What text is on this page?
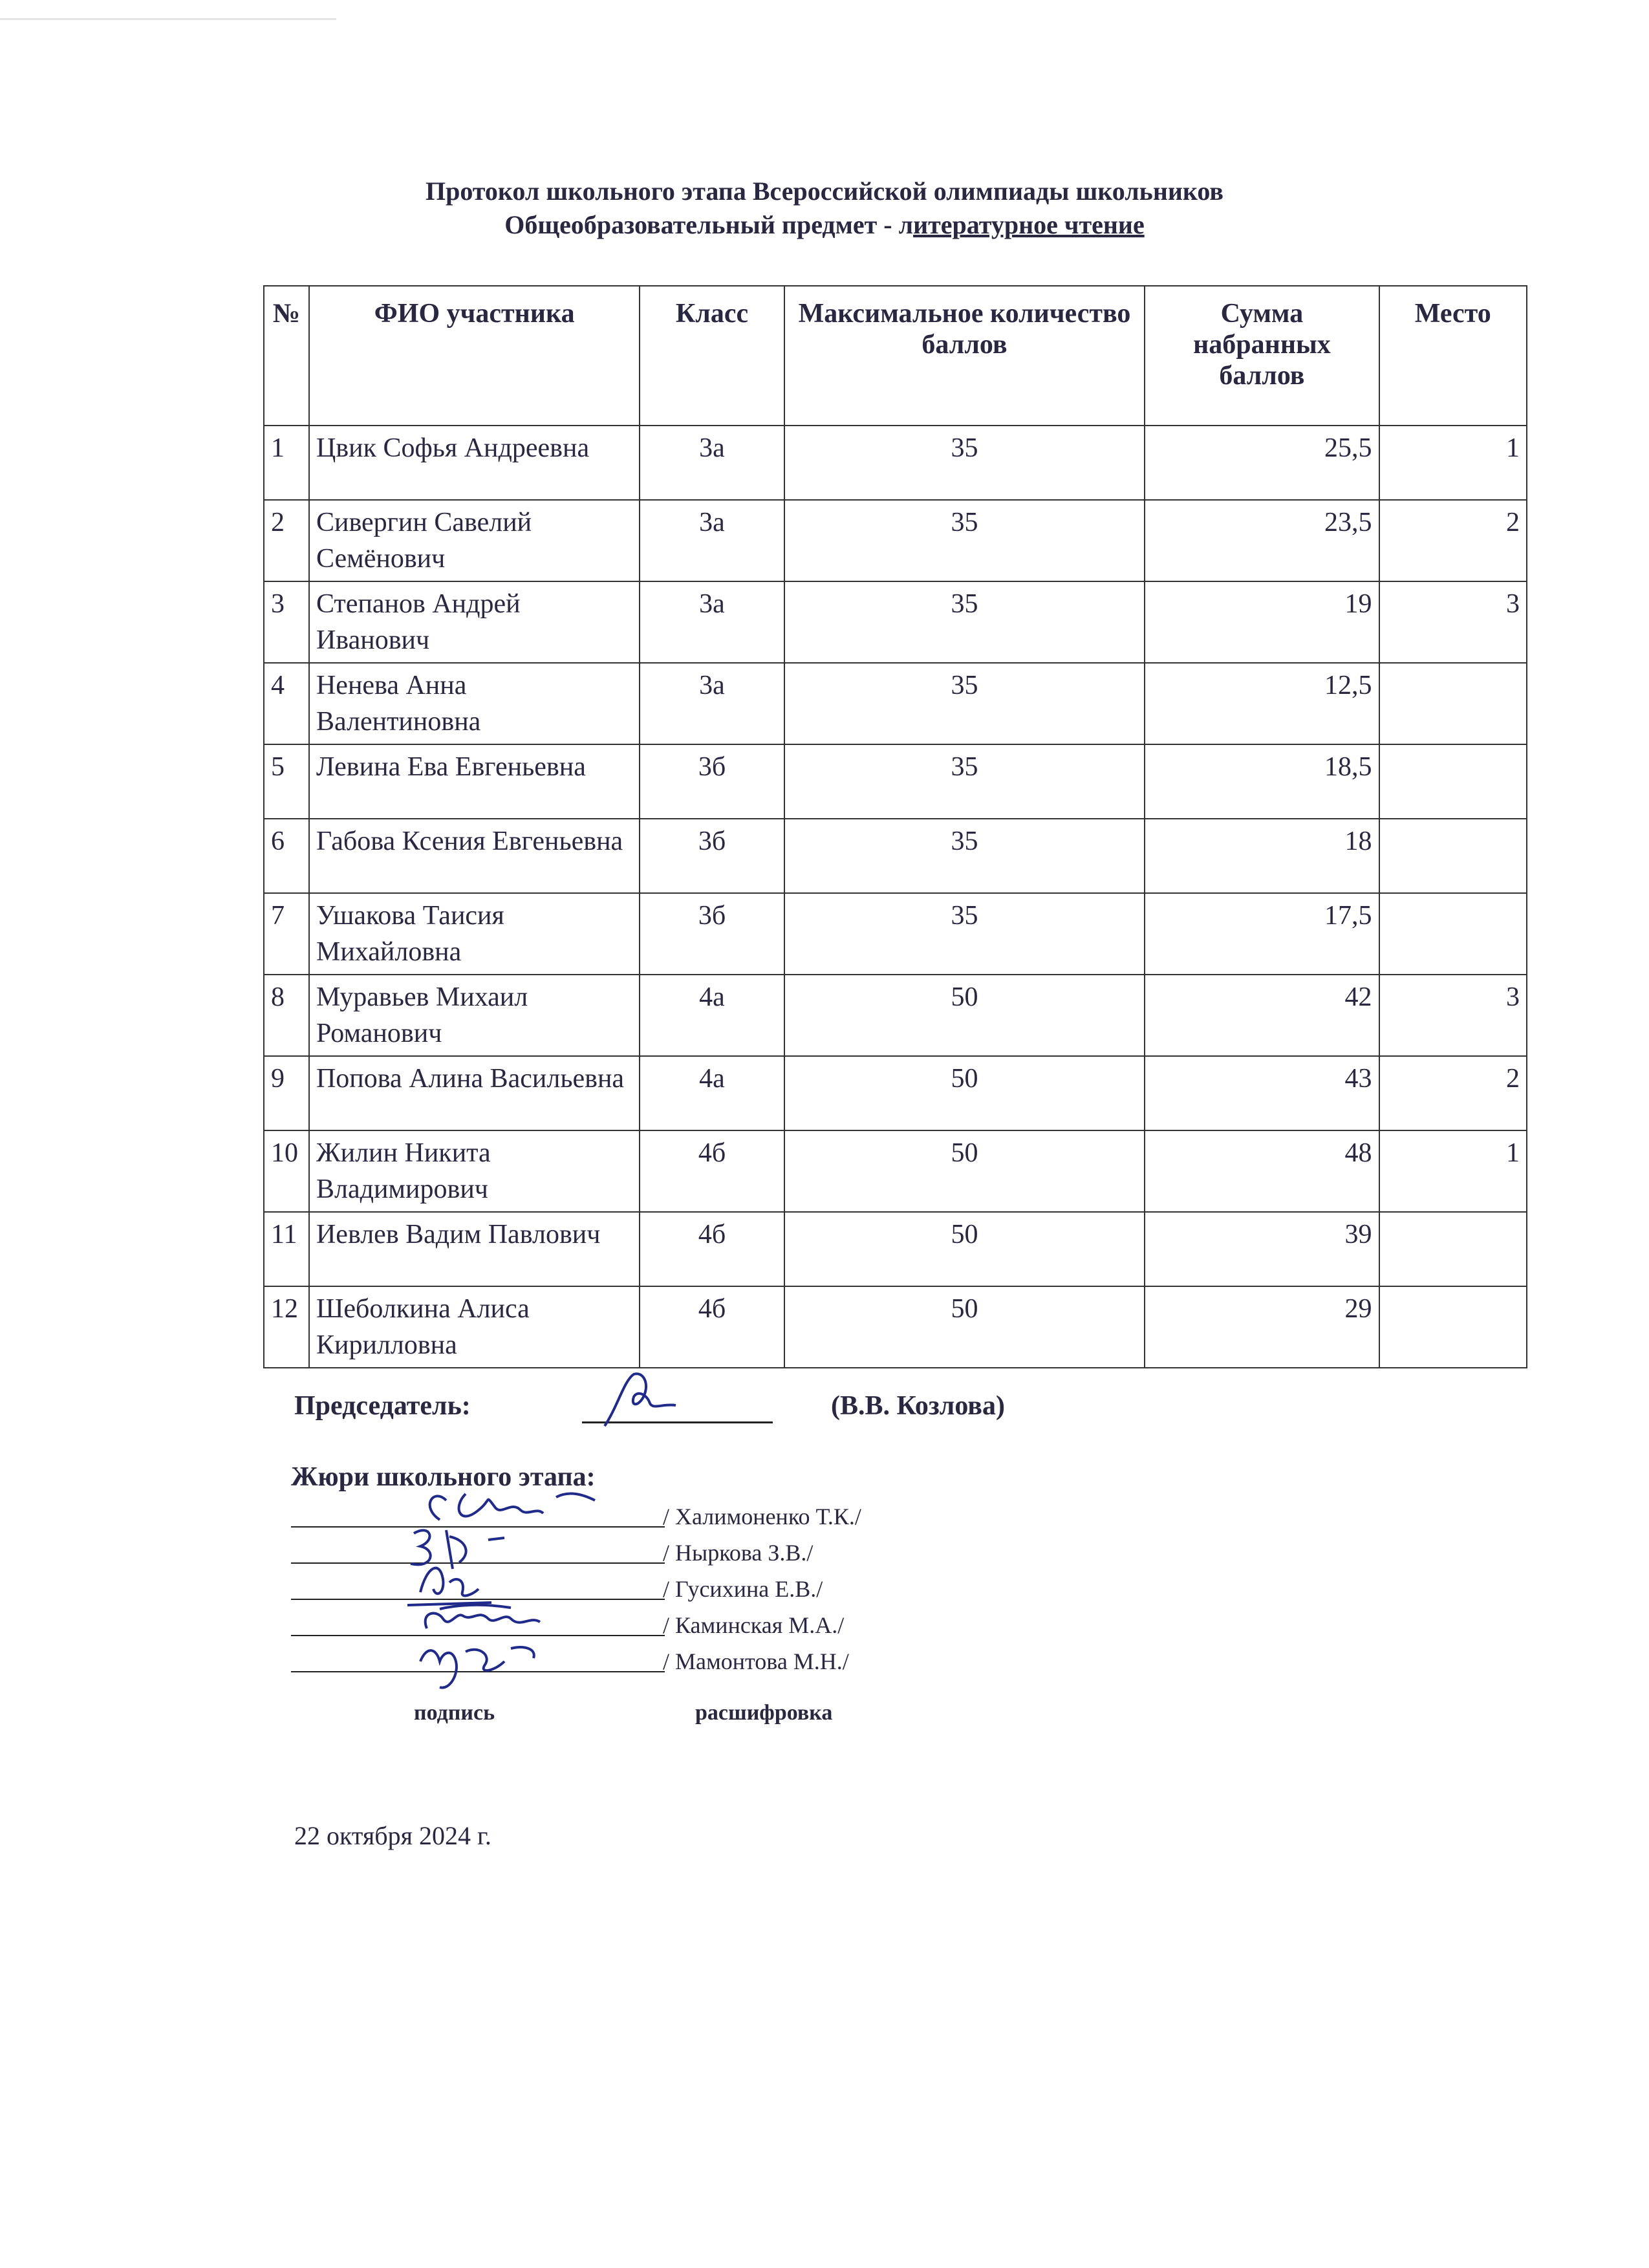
Протокол школьного этапа Всероссийской олимпиады школьников
Общеобразовательный предмет - литературное чтение
№	ФИО участника	Класс	Максимальное количество баллов	Сумма набранных баллов	Место
1	Цвик Софья Андреевна	3а	35	25,5	1
2	Сивергин Савелий Семёнович	3а	35	23,5	2
3	Степанов Андрей Иванович	3а	35	19	3
4	Ненева Анна Валентиновна	3а	35	12,5	
5	Левина Ева Евгеньевна	3б	35	18,5	
6	Габова Ксения Евгеньевна	3б	35	18	
7	Ушакова Таисия Михайловна	3б	35	17,5	
8	Муравьев Михаил Романович	4а	50	42	3
9	Попова Алина Васильевна	4а	50	43	2
10	Жилин Никита Владимирович	4б	50	48	1
11	Иевлев Вадим Павлович	4б	50	39	
12	Шеболкина Алиса Кирилловна	4б	50	29	
Председатель:	(В.В. Козлова)
Жюри школьного этапа:
/ Халимоненко Т.К./
/ Ныркова З.В./
/ Гусихина Е.В./
/ Каминская М.А./
/ Мамонтова М.Н./
подпись	расшифровка
22 октября 2024 г.
